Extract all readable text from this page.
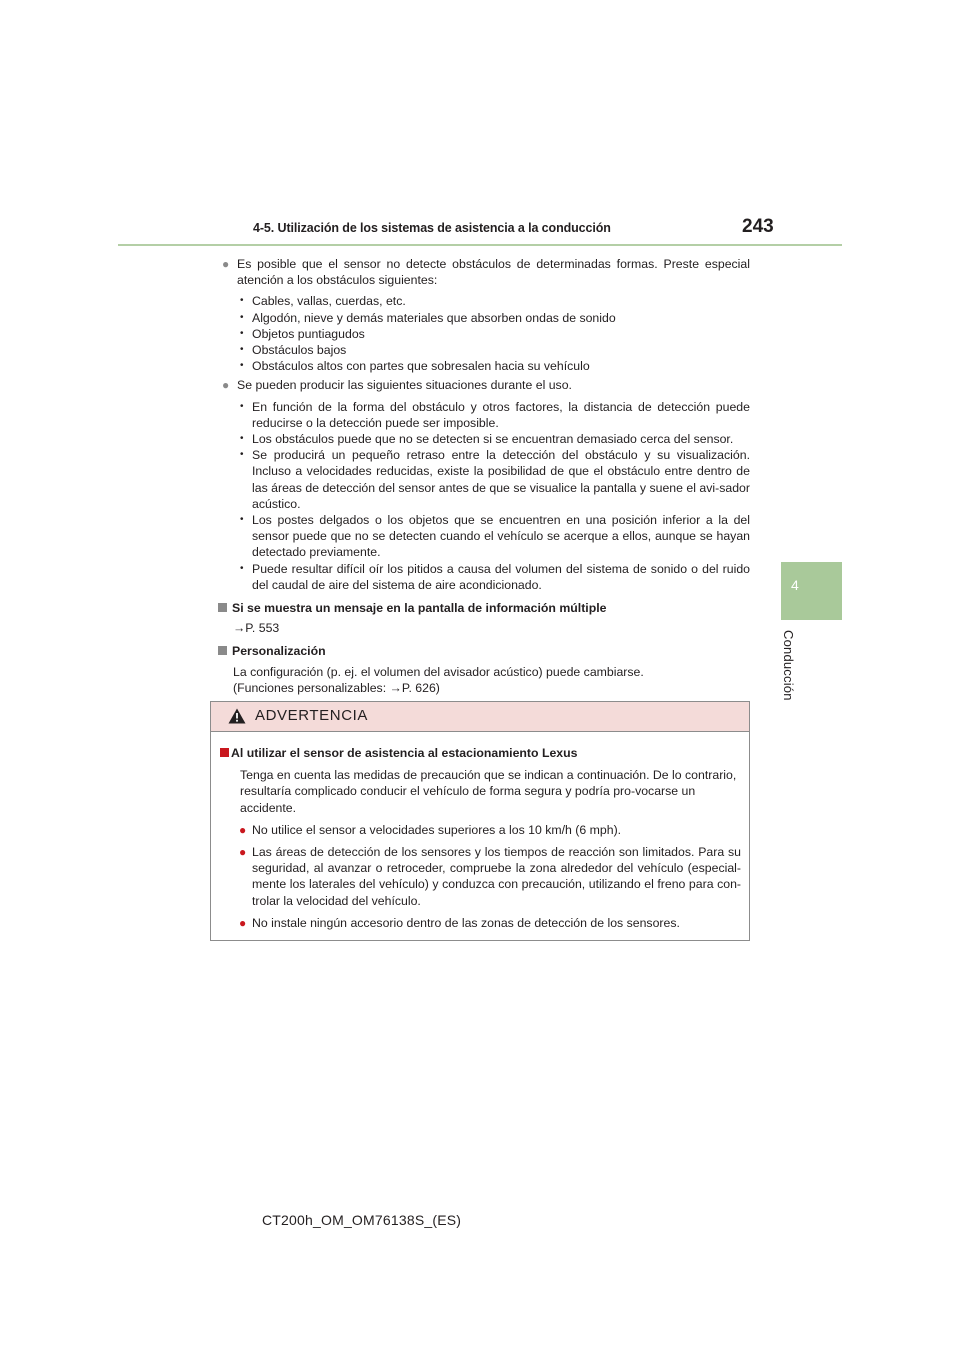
4-5. Utilización de los sistemas de asistencia a la conducción	243
4
Conducción
● Es posible que el sensor no detecte obstáculos de determinadas formas. Preste especial atención a los obstáculos siguientes:
• Cables, vallas, cuerdas, etc.
• Algodón, nieve y demás materiales que absorben ondas de sonido
• Objetos puntiagudos
• Obstáculos bajos
• Obstáculos altos con partes que sobresalen hacia su vehículo
● Se pueden producir las siguientes situaciones durante el uso.
• En función de la forma del obstáculo y otros factores, la distancia de detección puede reducirse o la detección puede ser imposible.
• Los obstáculos puede que no se detecten si se encuentran demasiado cerca del sensor.
• Se producirá un pequeño retraso entre la detección del obstáculo y su visualización. Incluso a velocidades reducidas, existe la posibilidad de que el obstáculo entre dentro de las áreas de detección del sensor antes de que se visualice la pantalla y suene el avi-sador acústico.
• Los postes delgados o los objetos que se encuentren en una posición inferior a la del sensor puede que no se detecten cuando el vehículo se acerque a ellos, aunque se hayan detectado previamente.
• Puede resultar difícil oír los pitidos a causa del volumen del sistema de sonido o del ruido del caudal de aire del sistema de aire acondicionado.
Si se muestra un mensaje en la pantalla de información múltiple
→P. 553
Personalización
La configuración (p. ej. el volumen del avisador acústico) puede cambiarse.
(Funciones personalizables: →P. 626)
ADVERTENCIA
Al utilizar el sensor de asistencia al estacionamiento Lexus
Tenga en cuenta las medidas de precaución que se indican a continuación. De lo contrario, resultaría complicado conducir el vehículo de forma segura y podría pro-vocarse un accidente.
● No utilice el sensor a velocidades superiores a los 10 km/h (6 mph).
● Las áreas de detección de los sensores y los tiempos de reacción son limitados. Para su seguridad, al avanzar o retroceder, compruebe la zona alrededor del vehículo (especial-mente los laterales del vehículo) y conduzca con precaución, utilizando el freno para con-trolar la velocidad del vehículo.
● No instale ningún accesorio dentro de las zonas de detección de los sensores.
CT200h_OM_OM76138S_(ES)
